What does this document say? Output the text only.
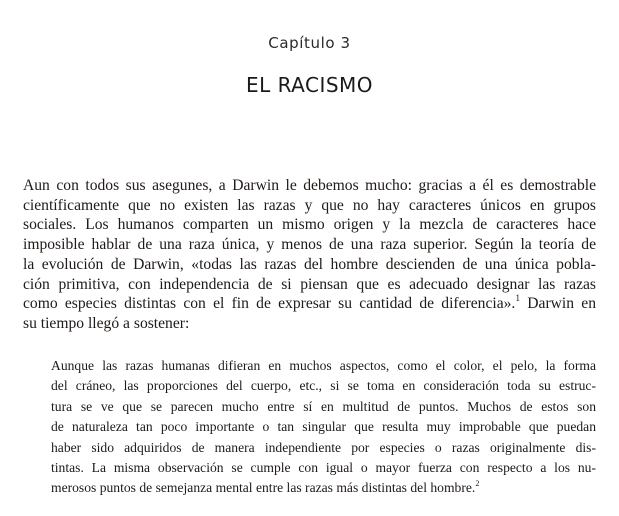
Capítulo 3
EL RACISMO
Aun con todos sus asegunes, a Darwin le debemos mucho: gracias a él es demostrable
científicamente que no existen las razas y que no hay caracteres únicos en grupos
sociales. Los humanos comparten un mismo origen y la mezcla de caracteres hace
imposible hablar de una raza única, y menos de una raza superior. Según la teoría de
la evolución de Darwin, «todas las razas del hombre descienden de una única pobla-
ción primitiva, con independencia de si piensan que es adecuado designar las razas
como especies distintas con el fin de expresar su cantidad de diferencia».$^1$ Darwin en
su tiempo llegó a sostener:
Aunque las razas humanas difieran en muchos aspectos, como el color, el pelo, la forma
del cráneo, las proporciones del cuerpo, etc., si se toma en consideración toda su estruc-
tura se ve que se parecen mucho entre sí en multitud de puntos. Muchos de estos son
de naturaleza tan poco importante o tan singular que resulta muy improbable que puedan
haber sido adquiridos de manera independiente por especies o razas originalmente dis-
tintas. La misma observación se cumple con igual o mayor fuerza con respecto a los nu-
merosos puntos de semejanza mental entre las razas más distintas del hombre.$^2$
